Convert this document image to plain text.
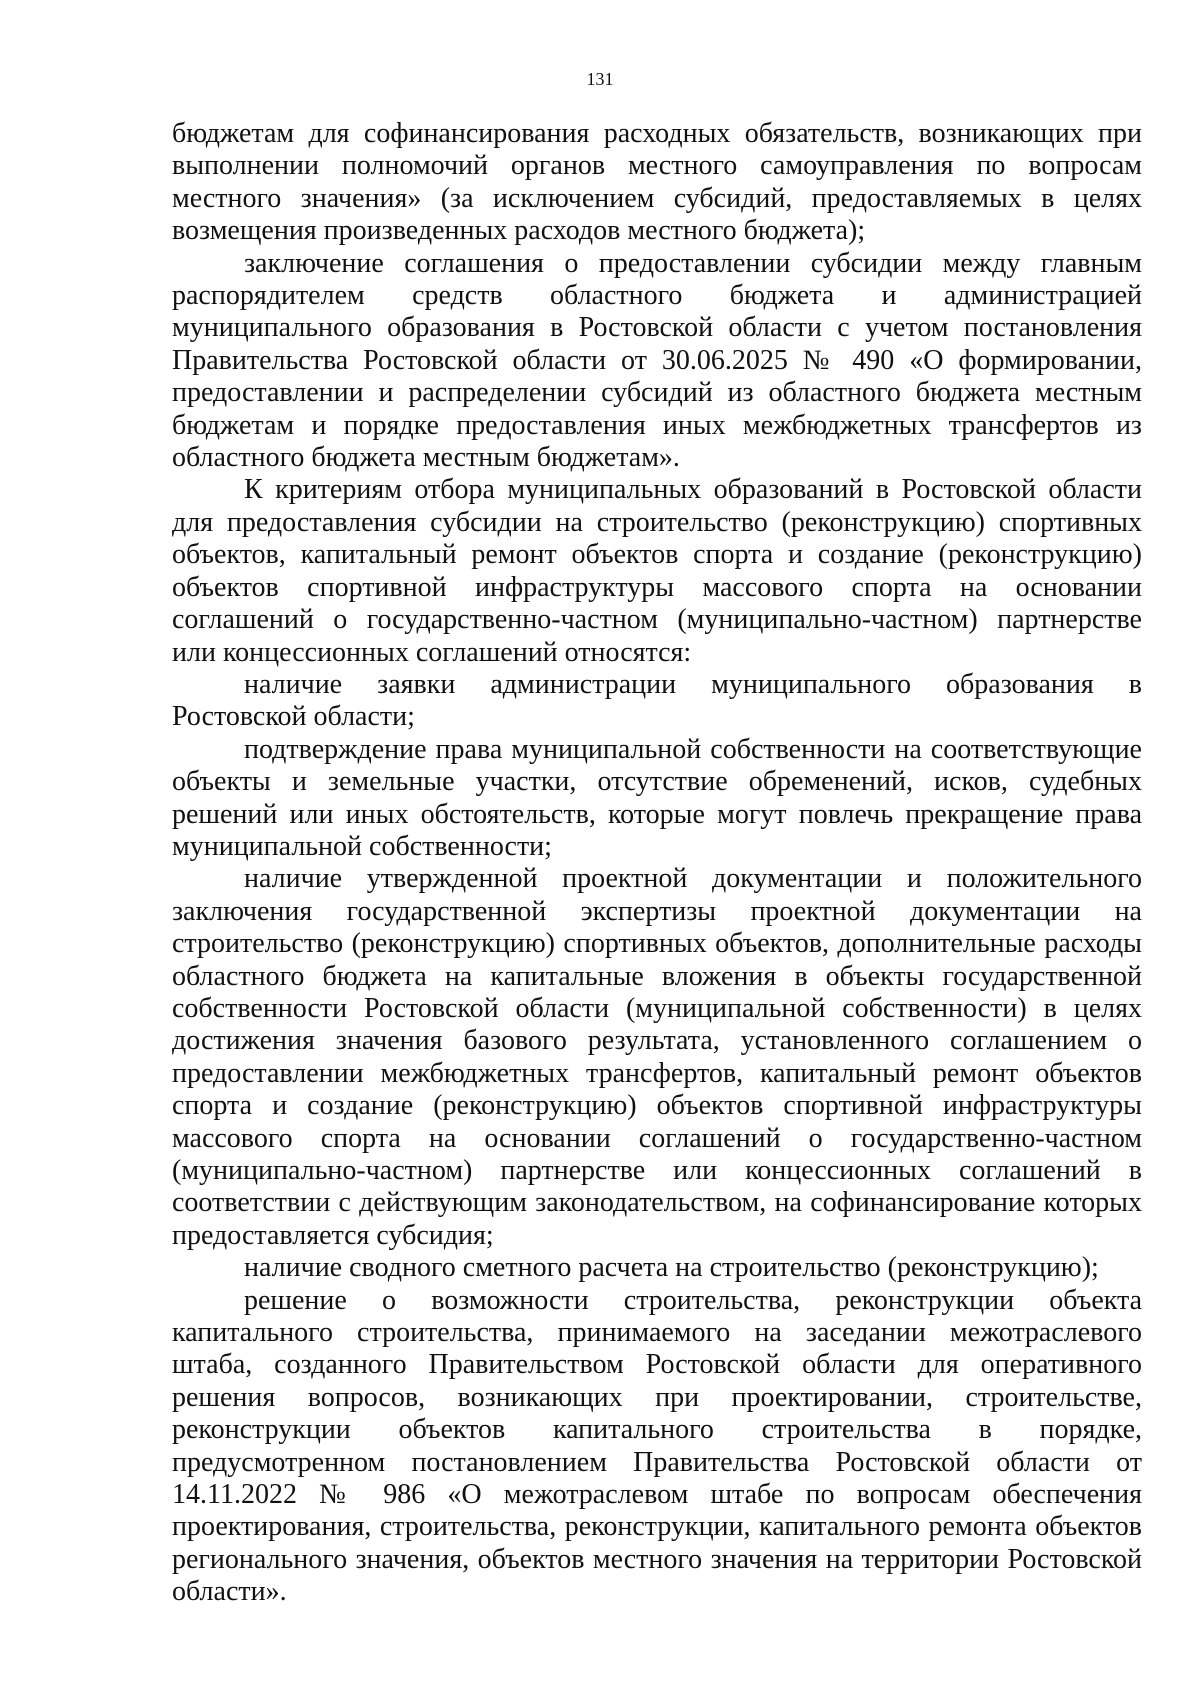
131

бюджетам для софинансирования расходных обязательств, возникающих при выполнении полномочий органов местного самоуправления по вопросам местного значения» (за исключением субсидий, предоставляемых в целях возмещения произведенных расходов местного бюджета);

заключение соглашения о предоставлении субсидии между главным распорядителем средств областного бюджета и администрацией муниципального образования в Ростовской области с учетом постановления Правительства Ростовской области от 30.06.2025 № 490 «О формировании, предоставлении и распределении субсидий из областного бюджета местным бюджетам и порядке предоставления иных межбюджетных трансфертов из областного бюджета местным бюджетам».

К критериям отбора муниципальных образований в Ростовской области для предоставления субсидии на строительство (реконструкцию) спортивных объектов, капитальный ремонт объектов спорта и создание (реконструкцию) объектов спортивной инфраструктуры массового спорта на основании соглашений о государственно-частном (муниципально-частном) партнерстве или концессионных соглашений относятся:

наличие заявки администрации муниципального образования в Ростовской области;

подтверждение права муниципальной собственности на соответствующие объекты и земельные участки, отсутствие обременений, исков, судебных решений или иных обстоятельств, которые могут повлечь прекращение права муниципальной собственности;

наличие утвержденной проектной документации и положительного заключения государственной экспертизы проектной документации на строительство (реконструкцию) спортивных объектов, дополнительные расходы областного бюджета на капитальные вложения в объекты государственной собственности Ростовской области (муниципальной собственности) в целях достижения значения базового результата, установленного соглашением о предоставлении межбюджетных трансфертов, капитальный ремонт объектов спорта и создание (реконструкцию) объектов спортивной инфраструктуры массового спорта на основании соглашений о государственно-частном (муниципально-частном) партнерстве или концессионных соглашений в соответствии с действующим законодательством, на софинансирование которых предоставляется субсидия;

наличие сводного сметного расчета на строительство (реконструкцию);

решение о возможности строительства, реконструкции объекта капитального строительства, принимаемого на заседании межотраслевого штаба, созданного Правительством Ростовской области для оперативного решения вопросов, возникающих при проектировании, строительстве, реконструкции объектов капитального строительства в порядке, предусмотренном постановлением Правительства Ростовской области от 14.11.2022 № 986 «О межотраслевом штабе по вопросам обеспечения проектирования, строительства, реконструкции, капитального ремонта объектов регионального значения, объектов местного значения на территории Ростовской области».
